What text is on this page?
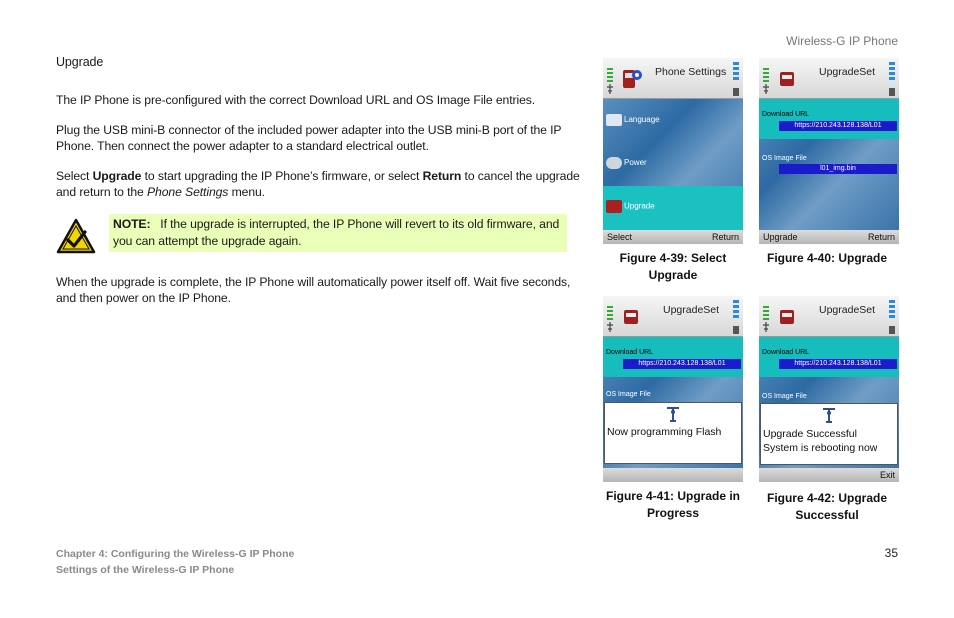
Wireless-G IP Phone
Upgrade

The IP Phone is pre-configured with the correct Download URL and OS Image File entries.

Plug the USB mini-B connector of the included power adapter into the USB mini-B port of the IP Phone. Then connect the power adapter to a standard electrical outlet.

Select Upgrade to start upgrading the IP Phone’s firmware, or select Return to cancel the upgrade and return to the Phone Settings menu.

NOTE: If the upgrade is interrupted, the IP Phone will revert to its old firmware, and you can attempt the upgrade again.

When the upgrade is complete, the IP Phone will automatically power itself off. Wait five seconds, and then power on the IP Phone.

Phone Settings
Language
Power
Upgrade
Select	Return
Figure 4-39: Select Upgrade
UpgradeSet
Download URL
https://210.243.128.138/L01
OS Image File
l01_img.bin
Upgrade	Return
Figure 4-40: Upgrade
UpgradeSet
Download URL
https://210.243.128.138/L01
OS Image File
Now programming Flash
Figure 4-41: Upgrade in Progress
UpgradeSet
Download URL
https://210.243.128.138/L01
OS Image File
Upgrade Successful
System is rebooting now
Exit
Figure 4-42: Upgrade Successful
Chapter 4: Configuring the Wireless-G IP Phone
Settings of the Wireless-G IP Phone
35
